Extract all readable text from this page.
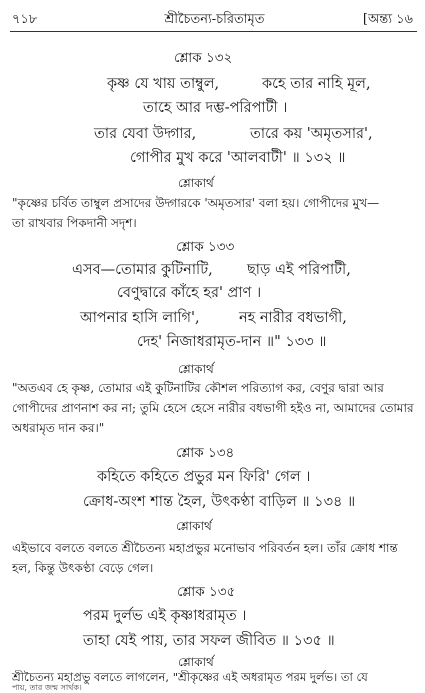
৭১৮	শ্রীচৈতন্য-চরিতামৃত	[অন্ত্য ১৬
শ্লোক ১৩২
কৃষ্ণ যে খায় তাম্বুল,	কহে তার নাহি মূল,
তাহে আর দম্ভ-পরিপাটী ।
তার যেবা উদ্গার,	তারে কয় 'অমৃতসার',
গোপীর মুখ করে 'আলবাটী' ॥ ১৩২ ॥
শ্লোকার্থ
"কৃষ্ণের চর্বিত তাম্বুল প্রসাদের উদ্গারকে 'অমৃতসার' বলা হয়। গোপীদের মুখ—
তা রাখবার পিকদানী সদৃশ।
শ্লোক ১৩৩
এসব—তোমার কুটিনাটি, ছাড় এই পরিপাটী,
বেণুদ্বারে কাঁহে হর' প্রাণ ।
আপনার হাসি লাগি',	নহ নারীর বধভাগী,
দেহ' নিজাধরামৃত-দান ॥" ১৩৩ ॥
শ্লোকার্থ
"অতএব হে কৃষ্ণ, তোমার এই কুটিনাটির কৌশল পরিত্যাগ কর, বেণুর দ্বারা আর
গোপীদের প্রাণনাশ কর না; তুমি হেসে হেসে নারীর বধভাগী হইও না, আমাদের তোমার
অধরামৃত দান কর।"
শ্লোক ১৩৪
কহিতে কহিতে প্রভুর মন ফিরি' গেল ।
ক্রোধ-অংশ শান্ত হৈল, উৎকণ্ঠা বাড়িল ॥ ১৩৪ ॥
শ্লোকার্থ
এইভাবে বলতে বলতে শ্রীচৈতন্য মহাপ্রভুর মনোভাব পরিবর্তন হল। তাঁর ক্রোধ শান্ত
হল, কিন্তু উৎকণ্ঠা বেড়ে গেল।
শ্লোক ১৩৫
পরম দুর্লভ এই কৃষ্ণাধরামৃত ।
তাহা যেই পায়, তার সফল জীবিত ॥ ১৩৫ ॥
শ্লোকার্থ
শ্রীচৈতন্য মহাপ্রভু বলতে লাগলেন, "শ্রীকৃষ্ণের এই অধরামৃত পরম দুর্লভ। তা যে
পায়, তার জন্ম সার্থক।
